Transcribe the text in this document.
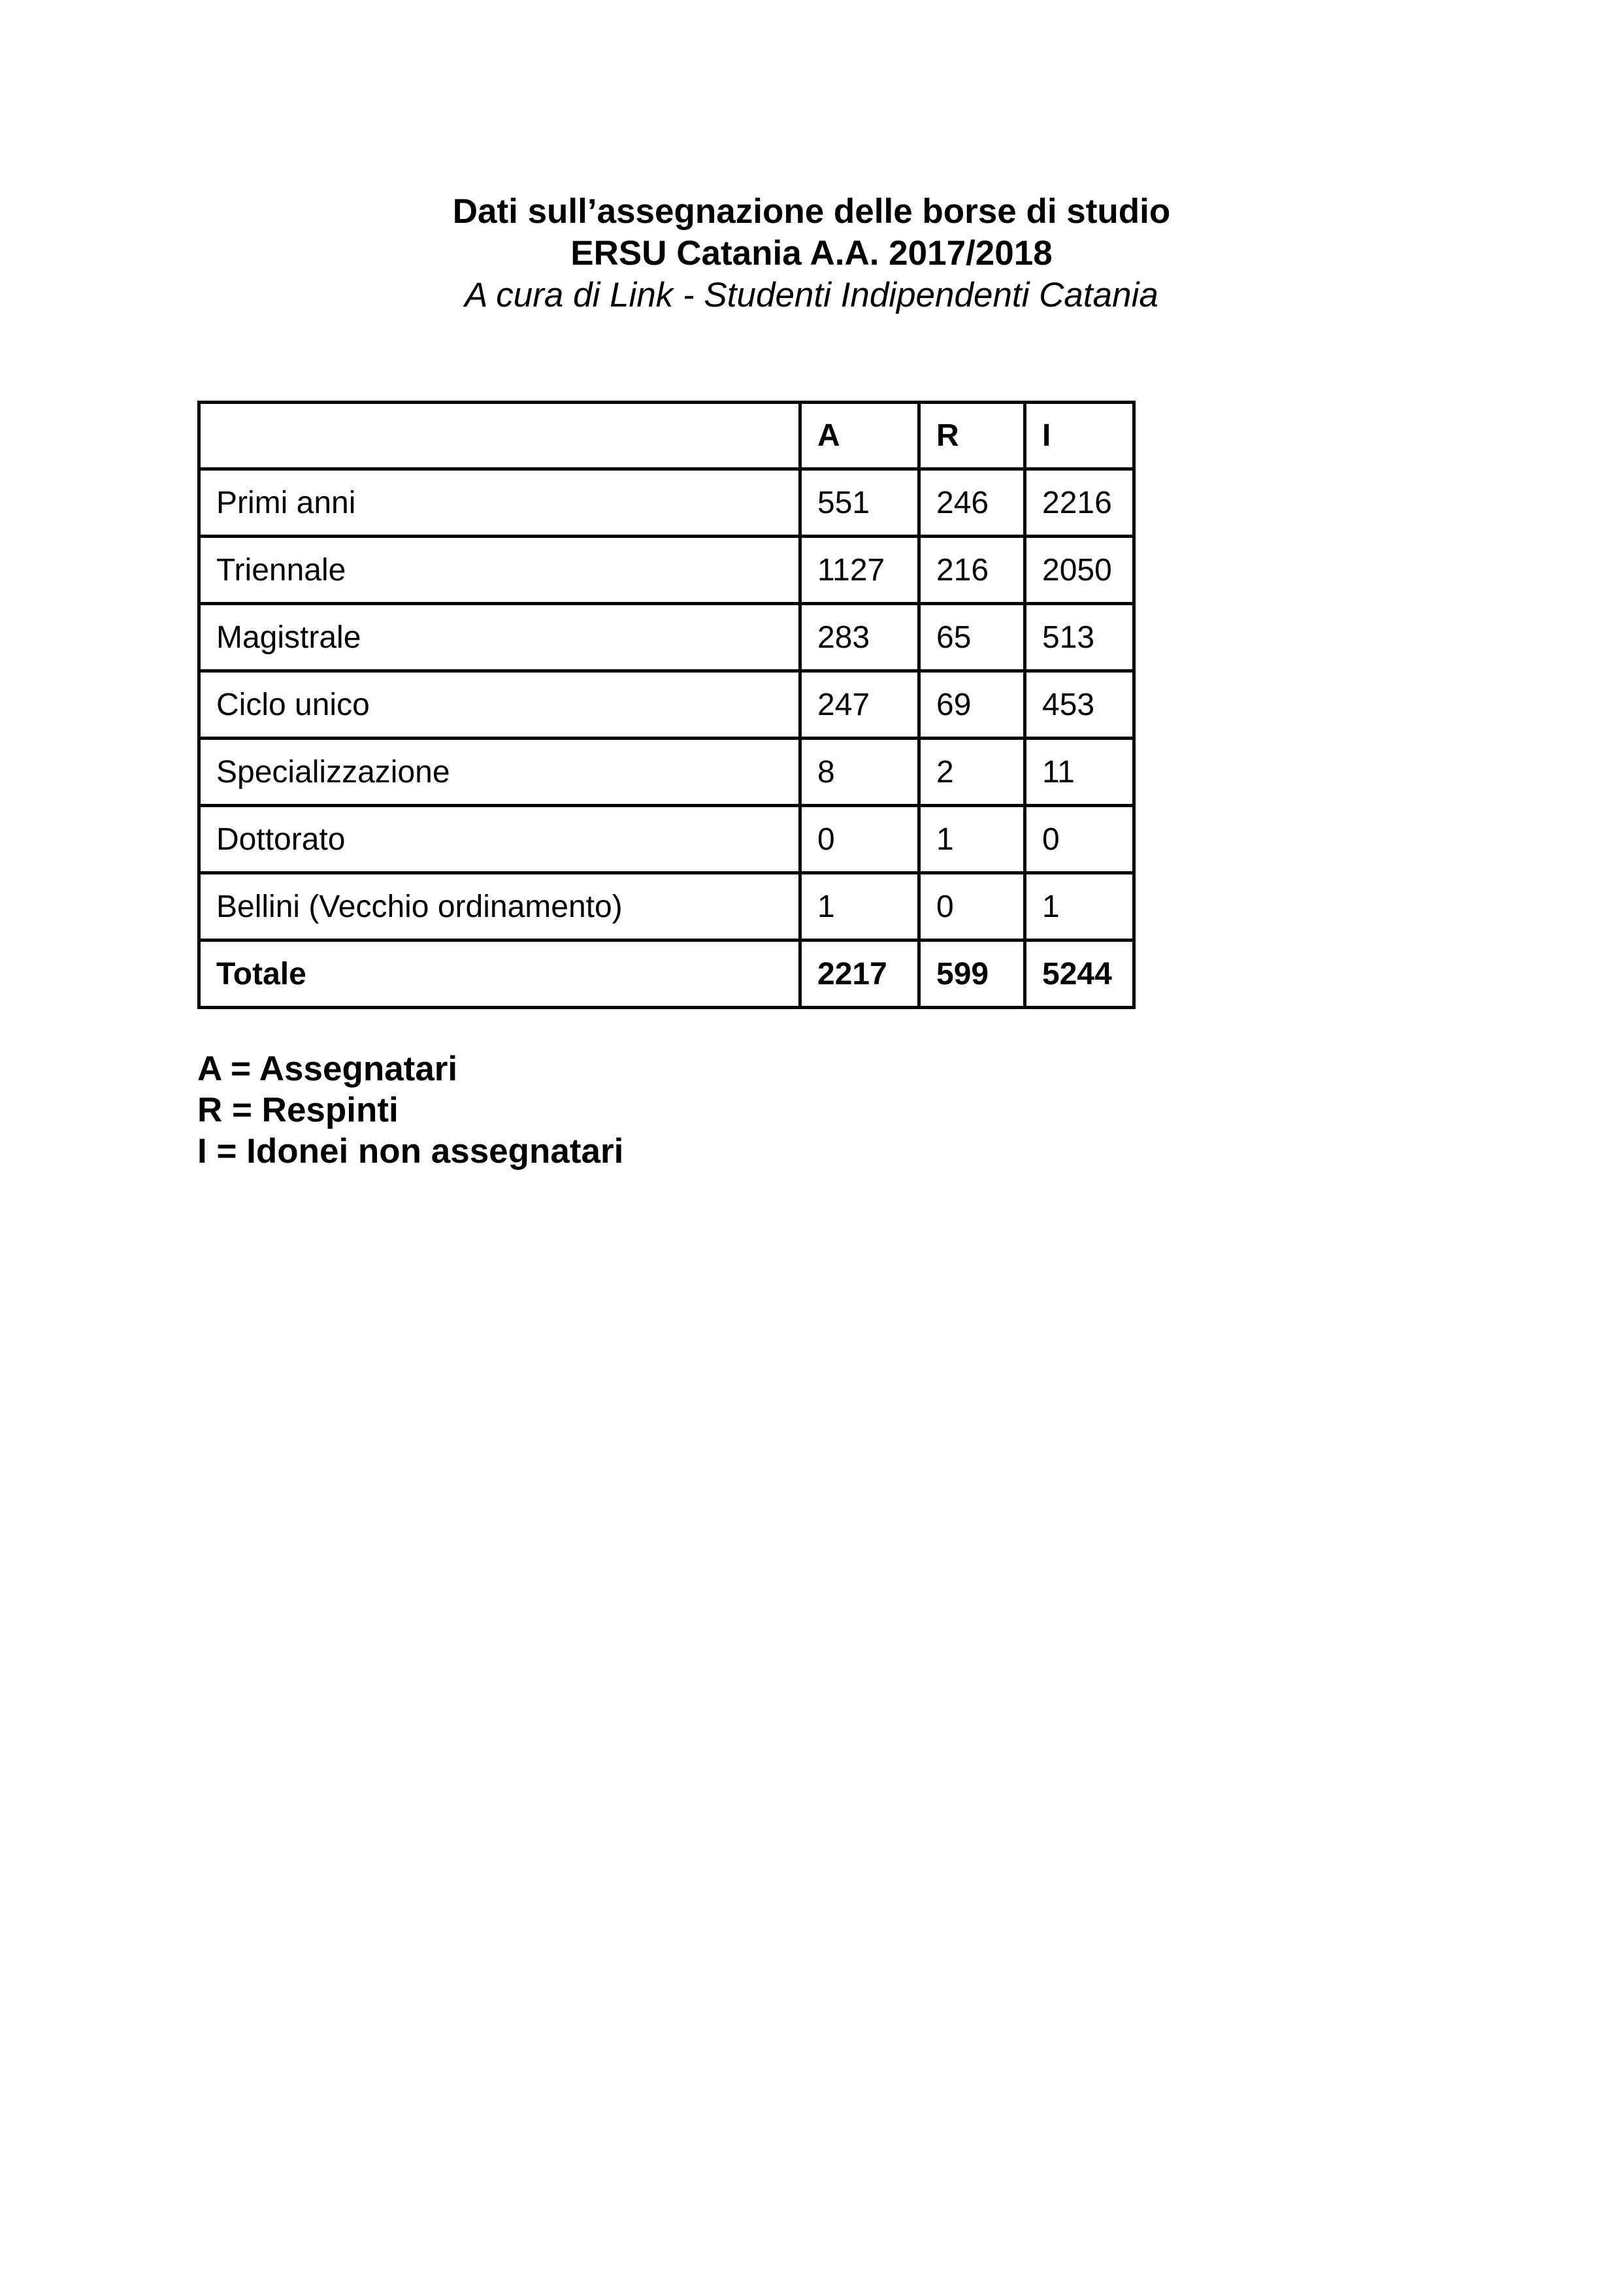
Dati sull’assegnazione delle borse di studio
ERSU Catania A.A. 2017/2018
A cura di Link - Studenti Indipendenti Catania
	A	R	I
Primi anni	551	246	2216
Triennale	1127	216	2050
Magistrale	283	65	513
Ciclo unico	247	69	453
Specializzazione	8	2	11
Dottorato	0	1	0
Bellini (Vecchio ordinamento)	1	0	1
Totale	2217	599	5244
A = Assegnatari
R = Respinti
I = Idonei non assegnatari
